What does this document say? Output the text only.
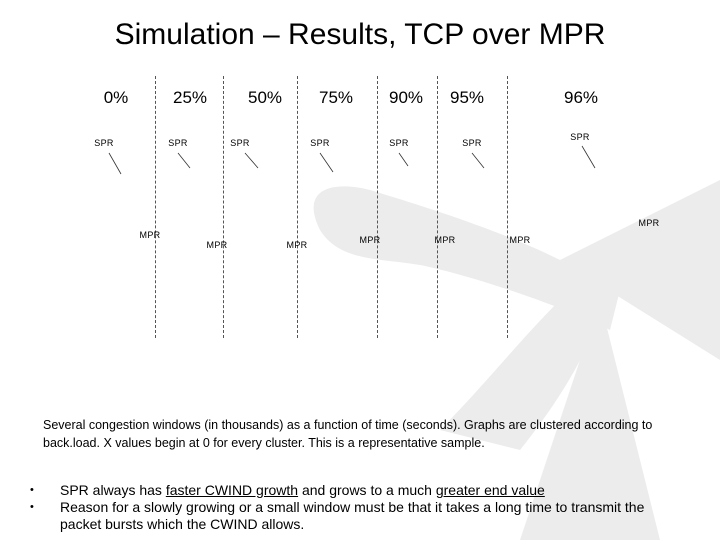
Simulation – Results, TCP over MPR
0%	25% 50% 75% 90% 95%	96%
SPR	SPR	SPR	SPR	SPR	SPR
SPR
MPR
MPR	MPR	MPR	MPR	MPR
MPR
Several congestion windows (in thousands) as a function of time (seconds). Graphs are clustered according to back.load. X values begin at 0 for every cluster. This is a representative sample.
•	SPR always has faster CWIND growth and grows to a much greater end value
•	Reason for a slowly growing or a small window must be that it takes a long time to transmit the packet bursts which the CWIND allows.
